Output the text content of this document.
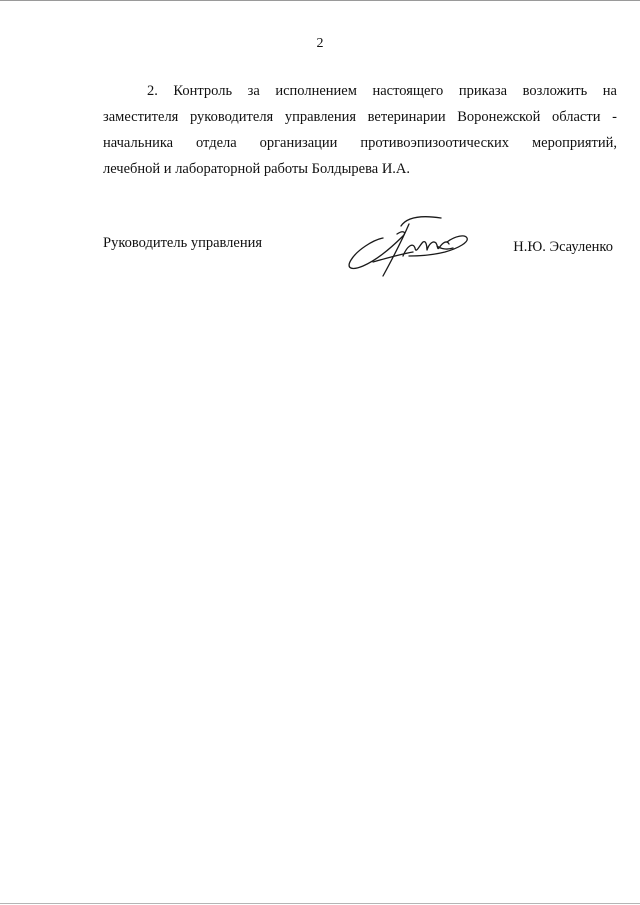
2
2. Контроль за исполнением настоящего приказа возложить на
заместителя руководителя управления ветеринарии Воронежской области -
начальника отдела организации противоэпизоотических мероприятий,
лечебной и лабораторной работы Болдырева И.А.
Руководитель управления	Н.Ю. Эсауленко
